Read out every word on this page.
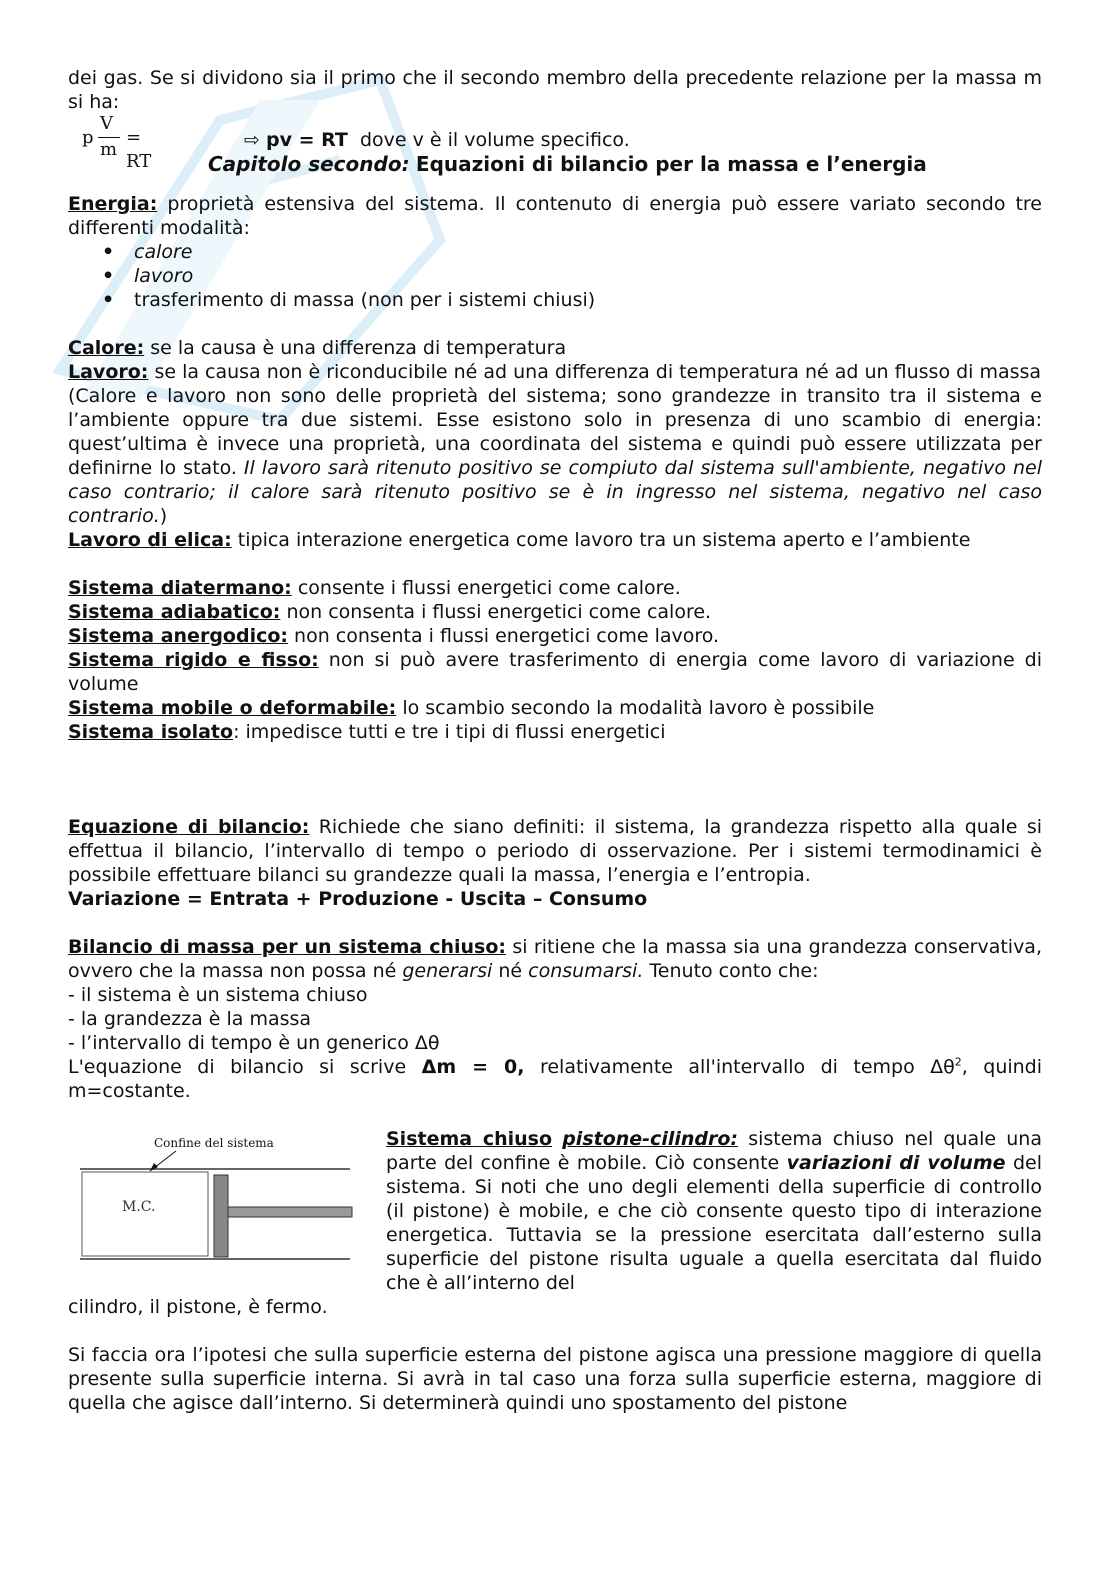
dei gas. Se si dividono sia il primo che il secondo membro della precedente relazione per la massa m si ha:

p
V
m
= RT
⇨ pv = RT dove v è il volume specifico.
Capitolo secondo: Equazioni di bilancio per la massa e l’energia

Energia: proprietà estensiva del sistema. Il contenuto di energia può essere variato secondo tre differenti modalità:

• calore
• lavoro
• trasferimento di massa (non per i sistemi chiusi)

Calore: se la causa è una differenza di temperatura

Lavoro: se la causa non è riconducibile né ad una differenza di temperatura né ad un flusso di massa

(Calore e lavoro non sono delle proprietà del sistema; sono grandezze in transito tra il sistema e l’ambiente oppure tra due sistemi. Esse esistono solo in presenza di uno scambio di energia: quest’ultima è invece una proprietà, una coordinata del sistema e quindi può essere utilizzata per definirne lo stato. Il lavoro sarà ritenuto positivo se compiuto dal sistema sull'ambiente, negativo nel caso contrario; il calore sarà ritenuto positivo se è in ingresso nel sistema, negativo nel caso contrario.)

Lavoro di elica: tipica interazione energetica come lavoro tra un sistema aperto e l’ambiente

Sistema diatermano: consente i flussi energetici come calore.

Sistema adiabatico: non consenta i flussi energetici come calore.

Sistema anergodico: non consenta i flussi energetici come lavoro.

Sistema rigido e fisso: non si può avere trasferimento di energia come lavoro di variazione di volume

Sistema mobile o deformabile: lo scambio secondo la modalità lavoro è possibile

Sistema isolato: impedisce tutti e tre i tipi di flussi energetici

Equazione di bilancio: Richiede che siano definiti: il sistema, la grandezza rispetto alla quale si effettua il bilancio, l’intervallo di tempo o periodo di osservazione. Per i sistemi termodinamici è possibile effettuare bilanci su grandezze quali la massa, l’energia e l’entropia.

Variazione = Entrata + Produzione - Uscita – Consumo

Bilancio di massa per un sistema chiuso: si ritiene che la massa sia una grandezza conservativa, ovvero che la massa non possa né generarsi né consumarsi. Tenuto conto che:

- il sistema è un sistema chiuso

- la grandezza è la massa

- l’intervallo di tempo è un generico Δθ

L'equazione di bilancio si scrive Δm = 0, relativamente all'intervallo di tempo $\Delta\theta^2$, quindi m=costante.

Confine del sistema
M.C.
Sistema chiuso pistone-cilindro: sistema chiuso nel quale una parte del confine è mobile. Ciò consente variazioni di volume del sistema. Si noti che uno degli elementi della superficie di controllo (il pistone) è mobile, e che ciò consente questo tipo di interazione energetica. Tuttavia se la pressione esercitata dall’esterno sulla superficie del pistone risulta uguale a quella esercitata dal fluido che è all’interno del

cilindro, il pistone, è fermo.

Si faccia ora l’ipotesi che sulla superficie esterna del pistone agisca una pressione maggiore di quella presente sulla superficie interna. Si avrà in tal caso una forza sulla superficie esterna, maggiore di quella che agisce dall’interno. Si determinerà quindi uno spostamento del pistone
